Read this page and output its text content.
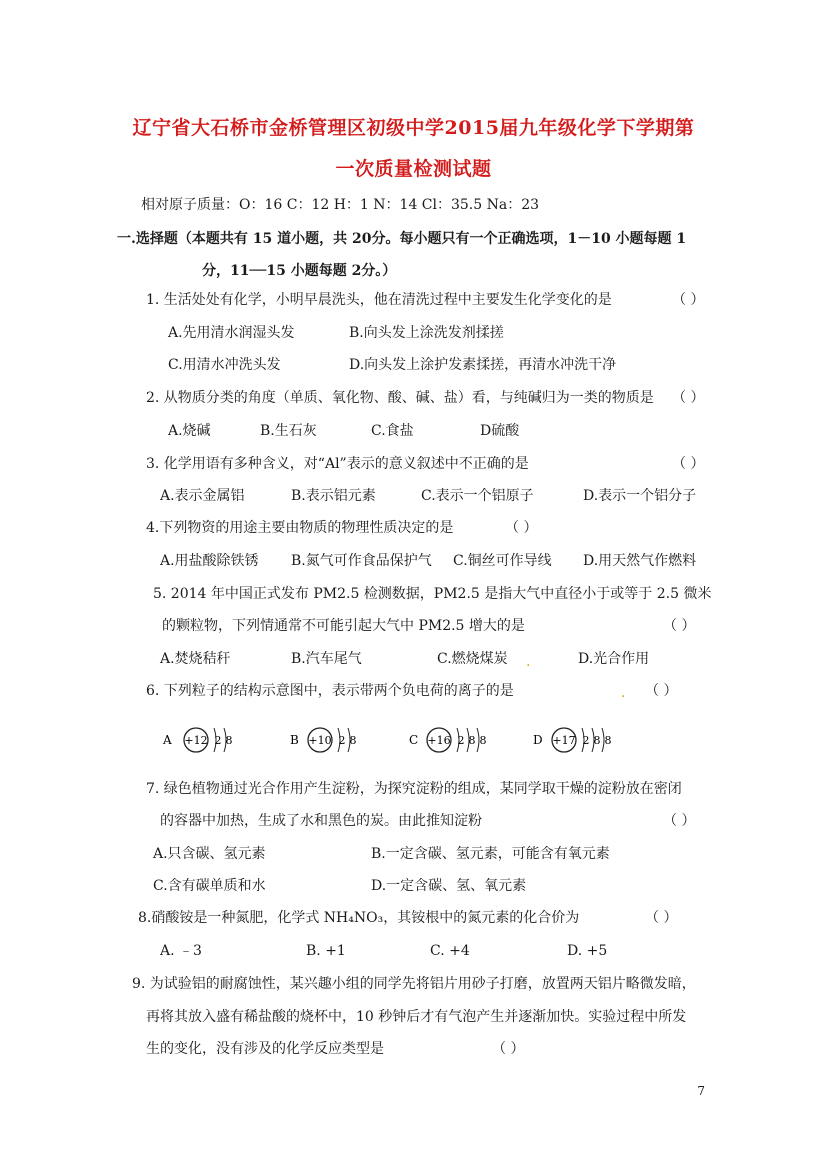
辽宁省大石桥市金桥管理区初级中学2015届九年级化学下学期第
一次质量检测试题
相对原子质量：O：16 C：12 H：1 N：14 Cl：35.5 Na：23
一.选择题（本题共有 15 道小题，共 20分。每小题只有一个正确选项，1－10 小题每题 1
分，11──15 小题每题 2分。）
1. 生活处处有化学，小明早晨洗头，他在清洗过程中主要发生化学变化的是	（ ）
A.先用清水润湿头发	B.向头发上涂洗发剂揉搓
C.用清水冲洗头发	D.向头发上涂护发素揉搓，再清水冲洗干净
2. 从物质分类的角度（单质、氧化物、酸、碱、盐）看，与纯碱归为一类的物质是 （ ）
A.烧碱	B.生石灰	C.食盐	D硫酸
3. 化学用语有多种含义，对“Al”表示的意义叙述中不正确的是	（ ）
A.表示金属铝	B.表示铝元素	C.表示一个铝原子	D.表示一个铝分子
4.下列物资的用途主要由物质的物理性质决定的是	（ ）
A.用盐酸除铁锈 B.氮气可作食品保护气 C.铜丝可作导线 D.用天然气作燃料
5. 2014 年中国正式发布 PM2.5 检测数据，PM2.5 是指大气中直径小于或等于 2.5 微米
的颗粒物，下列情通常不可能引起大气中 PM2.5 增大的是	（ ）
A.焚烧秸秆	B.汽车尾气	C.燃烧煤炭 .	D.光合作用
6. 下列粒子的结构示意图中，表示带两个负电荷的离子的是	. （ ）
A +12 2 8	B +10 2 8	C +16 2 8 8	D +17 2 8 8
7. 绿色植物通过光合作用产生淀粉，为探究淀粉的组成，某同学取干燥的淀粉放在密闭
的容器中加热，生成了水和黑色的炭。由此推知淀粉	（ ）
A.只含碳、氢元素	B.一定含碳、氢元素，可能含有氧元素
C.含有碳单质和水	D.一定含碳、氢、氧元素
8.硝酸铵是一种氮肥，化学式 NH₄NO₃，其铵根中的氮元素的化合价为	（ ）
A. ﹣3	B. +1	C. +4	D. +5
9. 为试验铝的耐腐蚀性，某兴趣小组的同学先将铝片用砂子打磨，放置两天铝片略微发暗，
再将其放入盛有稀盐酸的烧杯中，10 秒钟后才有气泡产生并逐渐加快。实验过程中所发
生的变化，没有涉及的化学反应类型是	（ ）
7
